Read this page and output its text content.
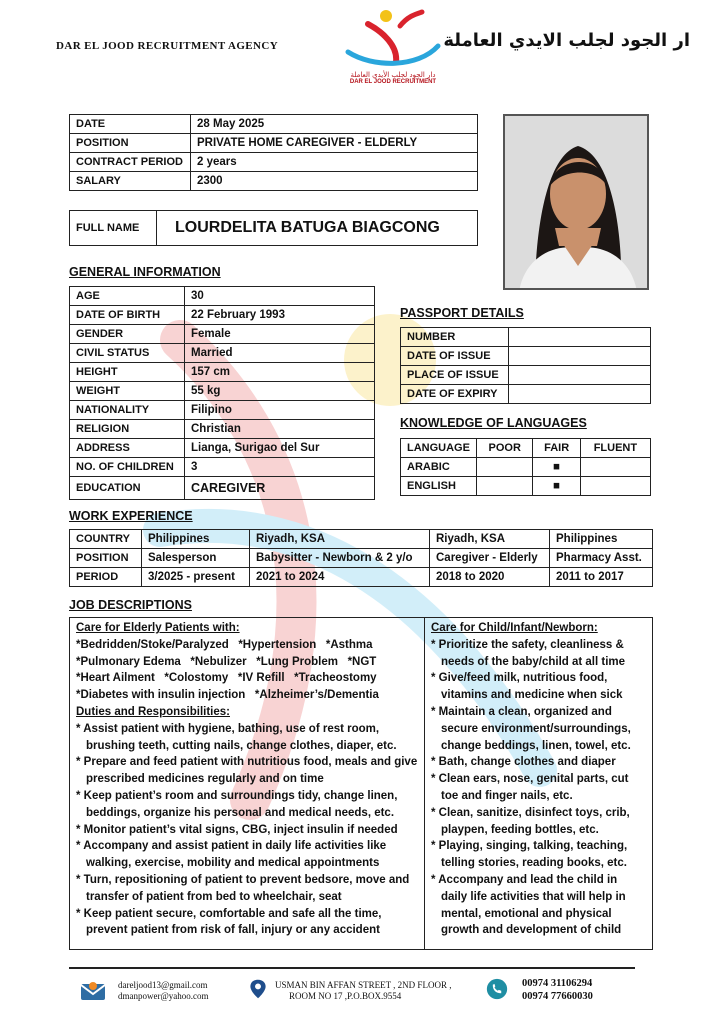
DAR EL JOOD RECRUITMENT AGENCY
دار الجود لجلب الأيدي العاملة
DAR EL JOOD RECRUITMENT
ار الجود لجلب الايدي العاملة
DATE	28 May 2025
POSITION	PRIVATE HOME CAREGIVER - ELDERLY
CONTRACT PERIOD	2 years
SALARY	2300
FULL NAME	LOURDELITA BATUGA BIAGCONG
GENERAL INFORMATION
AGE	30
DATE OF BIRTH	22 February 1993
GENDER	Female
CIVIL STATUS	Married
HEIGHT	157 cm
WEIGHT	55 kg
NATIONALITY	Filipino
RELIGION	Christian
ADDRESS	Lianga, Surigao del Sur
NO. OF CHILDREN	3
EDUCATION	CAREGIVER
PASSPORT DETAILS
NUMBER	
DATE OF ISSUE	
PLACE OF ISSUE	
DATE OF EXPIRY	
KNOWLEDGE OF LANGUAGES
LANGUAGE	POOR	FAIR	FLUENT
ARABIC		■	
ENGLISH		■	
WORK EXPERIENCE
COUNTRY	Philippines	Riyadh, KSA	Riyadh, KSA	Philippines
POSITION	Salesperson	Babysitter - Newborn & 2 y/o	Caregiver - Elderly	Pharmacy Asst.
PERIOD	3/2025 - present	2021 to 2024	2018 to 2020	2011 to 2017
JOB DESCRIPTIONS
Care for Elderly Patients with:
*Bedridden/Stoke/Paralyzed   *Hypertension   *Asthma
*Pulmonary Edema   *Nebulizer   *Lung Problem   *NGT
*Heart Ailment   *Colostomy   *IV Refill   *Tracheostomy
*Diabetes with insulin injection   *Alzheimer’s/Dementia
Duties and Responsibilities:
* Assist patient with hygiene, bathing, use of rest room, brushing teeth, cutting nails, change clothes, diaper, etc.
* Prepare and feed patient with nutritious food, meals and give prescribed medicines regularly and on time
* Keep patient’s room and surroundings tidy, change linen, beddings, organize his personal and medical needs, etc.
* Monitor patient’s vital signs, CBG, inject insulin if needed
* Accompany and assist patient in daily life activities like walking, exercise, mobility and medical appointments
* Turn, repositioning of patient to prevent bedsore, move and transfer of patient from bed to wheelchair, seat
* Keep patient secure, comfortable and safe all the time, prevent patient from risk of fall, injury or any accident
Care for Child/Infant/Newborn:
* Prioritize the safety, cleanliness & needs of the baby/child at all time
* Give/feed milk, nutritious food, vitamins and medicine when sick
* Maintain a clean, organized and secure environment/surroundings, change beddings, linen, towel, etc.
* Bath, change clothes and diaper
* Clean ears, nose, genital parts, cut toe and finger nails, etc.
* Clean, sanitize, disinfect toys, crib, playpen, feeding bottles, etc.
* Playing, singing, talking, teaching, telling stories, reading books, etc.
* Accompany and lead the child in daily life activities that will help in mental, emotional and physical growth and development of child
dareljood13@gmail.com
dmanpower@yahoo.com
USMAN BIN AFFAN STREET , 2ND FLOOR ,
ROOM NO 17 ,P.O.BOX.9554
00974 31106294
00974 77660030
